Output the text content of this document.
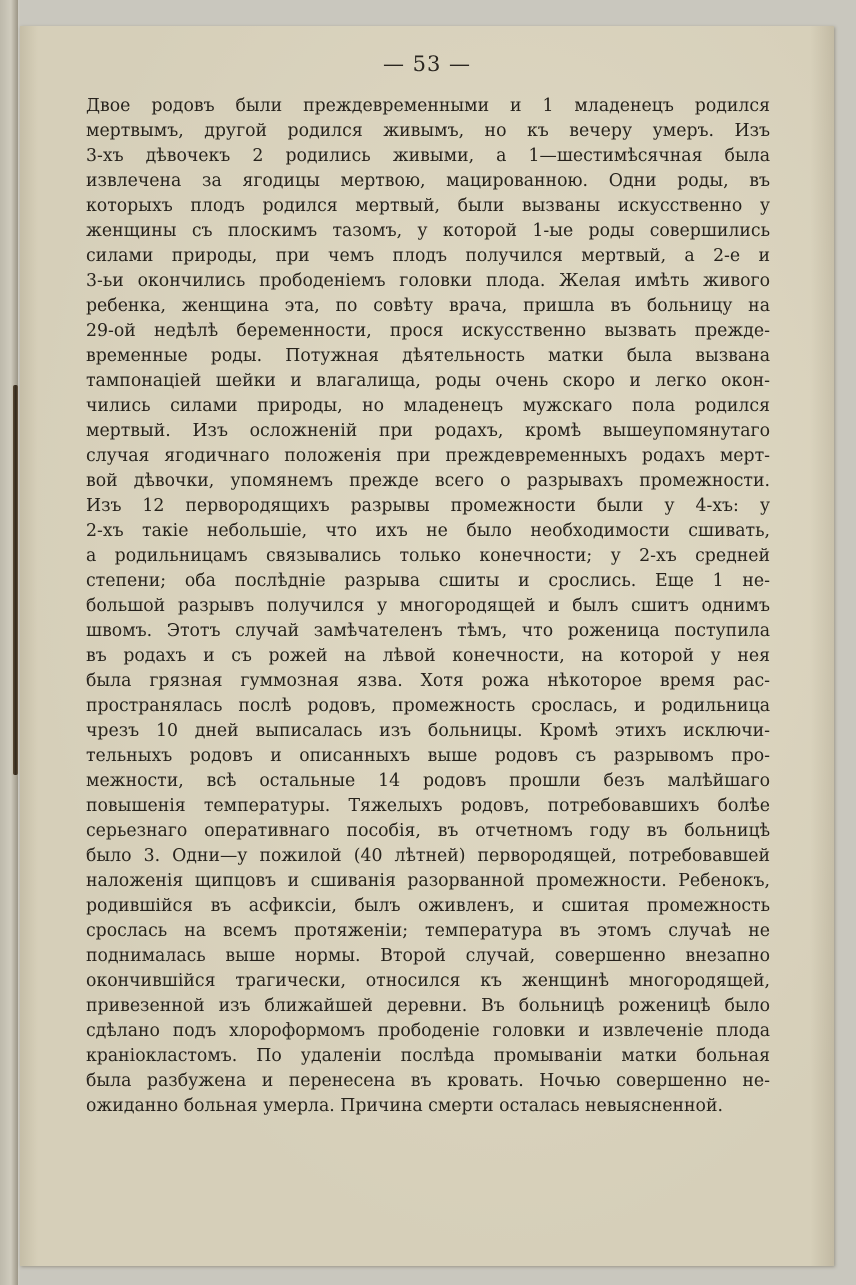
— 53 —
Двое родовъ были преждевременными и 1 младенецъ родился
мертвымъ, другой родился живымъ, но къ вечеру умеръ. Изъ
3-хъ дѣвочекъ 2 родились живыми, а 1—шестимѣсячная была
извлечена за ягодицы мертвою, мацированною. Одни роды, въ
которыхъ плодъ родился мертвый, были вызваны искусственно у
женщины съ плоскимъ тазомъ, у которой 1-ые роды совершились
силами природы, при чемъ плодъ получился мертвый, а 2-е и
3-ьи окончились прободенiемъ головки плода. Желая имѣть живого
ребенка, женщина эта, по совѣту врача, пришла въ больницу на
29-ой недѣлѣ беременности, прося искусственно вызвать прежде-
временные роды. Потужная дѣятельность матки была вызвана
тампонацiей шейки и влагалища, роды очень скоро и легко окон-
чились силами природы, но младенецъ мужскаго пола родился
мертвый. Изъ осложненiй при родахъ, кромѣ вышеупомянутаго
случая ягодичнаго положенiя при преждевременныхъ родахъ мерт-
вой дѣвочки, упомянемъ прежде всего о разрывахъ промежности.
Изъ 12 первородящихъ разрывы промежности были у 4-хъ: у
2-хъ такiе небольшiе, что ихъ не было необходимости сшивать,
а родильницамъ связывались только конечности; у 2-хъ средней
степени; оба послѣднiе разрыва сшиты и срослись. Еще 1 не-
большой разрывъ получился у многородящей и былъ сшитъ однимъ
швомъ. Этотъ случай замѣчателенъ тѣмъ, что роженица поступила
въ родахъ и съ рожей на лѣвой конечности, на которой у нея
была грязная гуммозная язва. Хотя рожа нѣкоторое время рас-
пространялась послѣ родовъ, промежность срослась, и родильница
чрезъ 10 дней выписалась изъ больницы. Кромѣ этихъ исключи-
тельныхъ родовъ и описанныхъ выше родовъ съ разрывомъ про-
межности, всѣ остальные 14 родовъ прошли безъ малѣйшаго
повышенiя температуры. Тяжелыхъ родовъ, потребовавшихъ болѣе
серьезнаго оперативнаго пособiя, въ отчетномъ году въ больницѣ
было 3. Одни—у пожилой (40 лѣтней) первородящей, потребовавшей
наложенiя щипцовъ и сшиванiя разорванной промежности. Ребенокъ,
родившiйся въ асфиксiи, былъ оживленъ, и сшитая промежность
срослась на всемъ протяженiи; температура въ этомъ случаѣ не
поднималась выше нормы. Второй случай, совершенно внезапно
окончившiйся трагически, относился къ женщинѣ многородящей,
привезенной изъ ближайшей деревни. Въ больницѣ роженицѣ было
сдѣлано подъ хлороформомъ прободенiе головки и извлеченiе плода
кранiокластомъ. По удаленiи послѣда промыванiи матки больная
была разбужена и перенесена въ кровать. Ночью совершенно не-
ожиданно больная умерла. Причина смерти осталась невыясненной.
